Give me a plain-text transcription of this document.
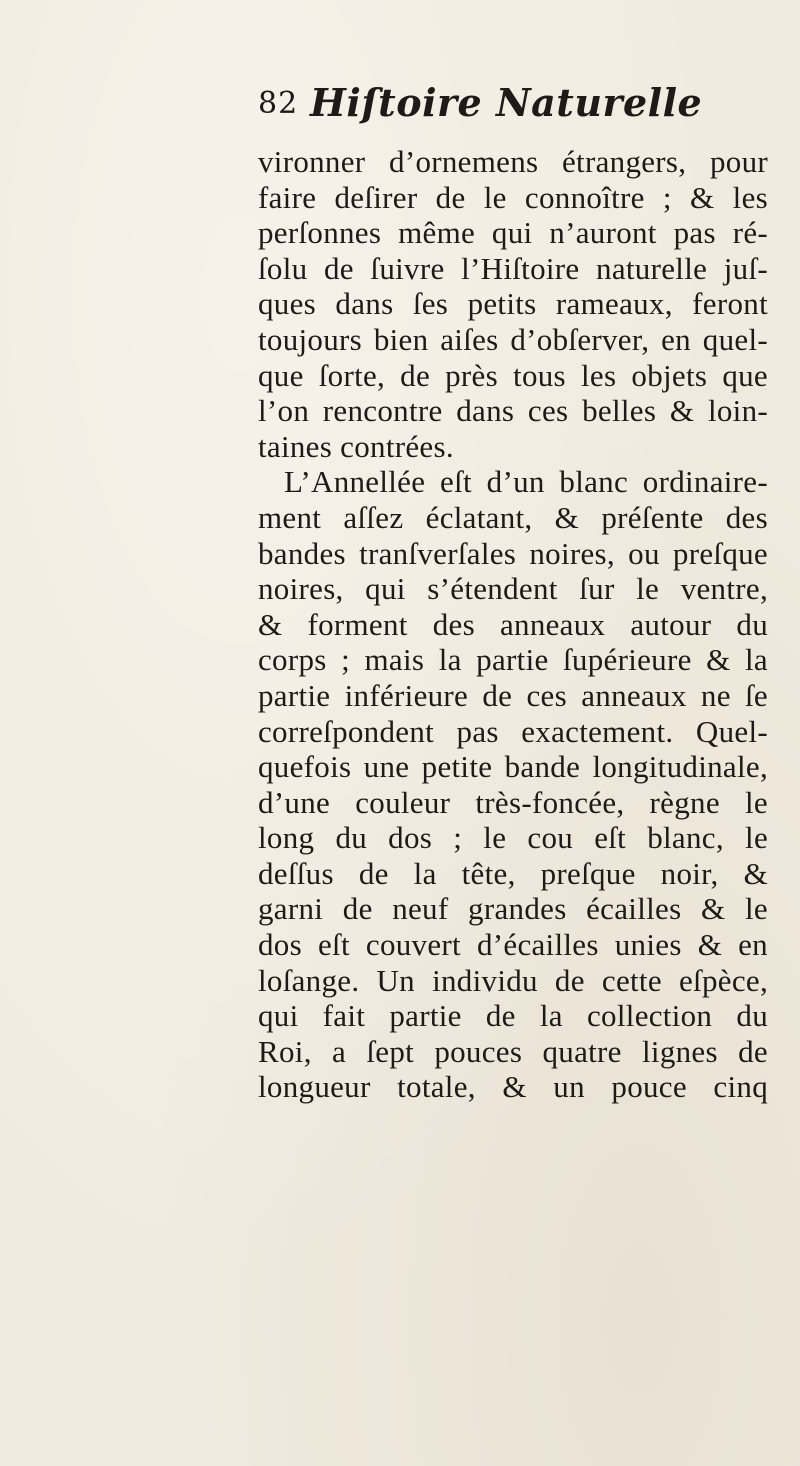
82 Hiſtoire Naturelle
vironner d’ornemens étrangers, pour
faire deſirer de le connoître ; & les
perſonnes même qui n’auront pas ré-
ſolu de ſuivre l’Hiſtoire naturelle juſ-
ques dans ſes petits rameaux, feront
toujours bien aiſes d’obſerver, en quel-
que ſorte, de près tous les objets que
l’on rencontre dans ces belles & loin-
taines contrées.
L’Annellée eſt d’un blanc ordinaire-
ment aſſez éclatant, & préſente des
bandes tranſverſales noires, ou preſque
noires, qui s’étendent ſur le ventre,
& forment des anneaux autour du
corps ; mais la partie ſupérieure & la
partie inférieure de ces anneaux ne ſe
correſpondent pas exactement. Quel-
quefois une petite bande longitudinale,
d’une couleur très-foncée, règne le
long du dos ; le cou eſt blanc, le
deſſus de la tête, preſque noir, &
garni de neuf grandes écailles & le
dos eſt couvert d’écailles unies & en
loſange. Un individu de cette eſpèce,
qui fait partie de la collection du
Roi, a ſept pouces quatre lignes de
longueur totale, & un pouce cinq
